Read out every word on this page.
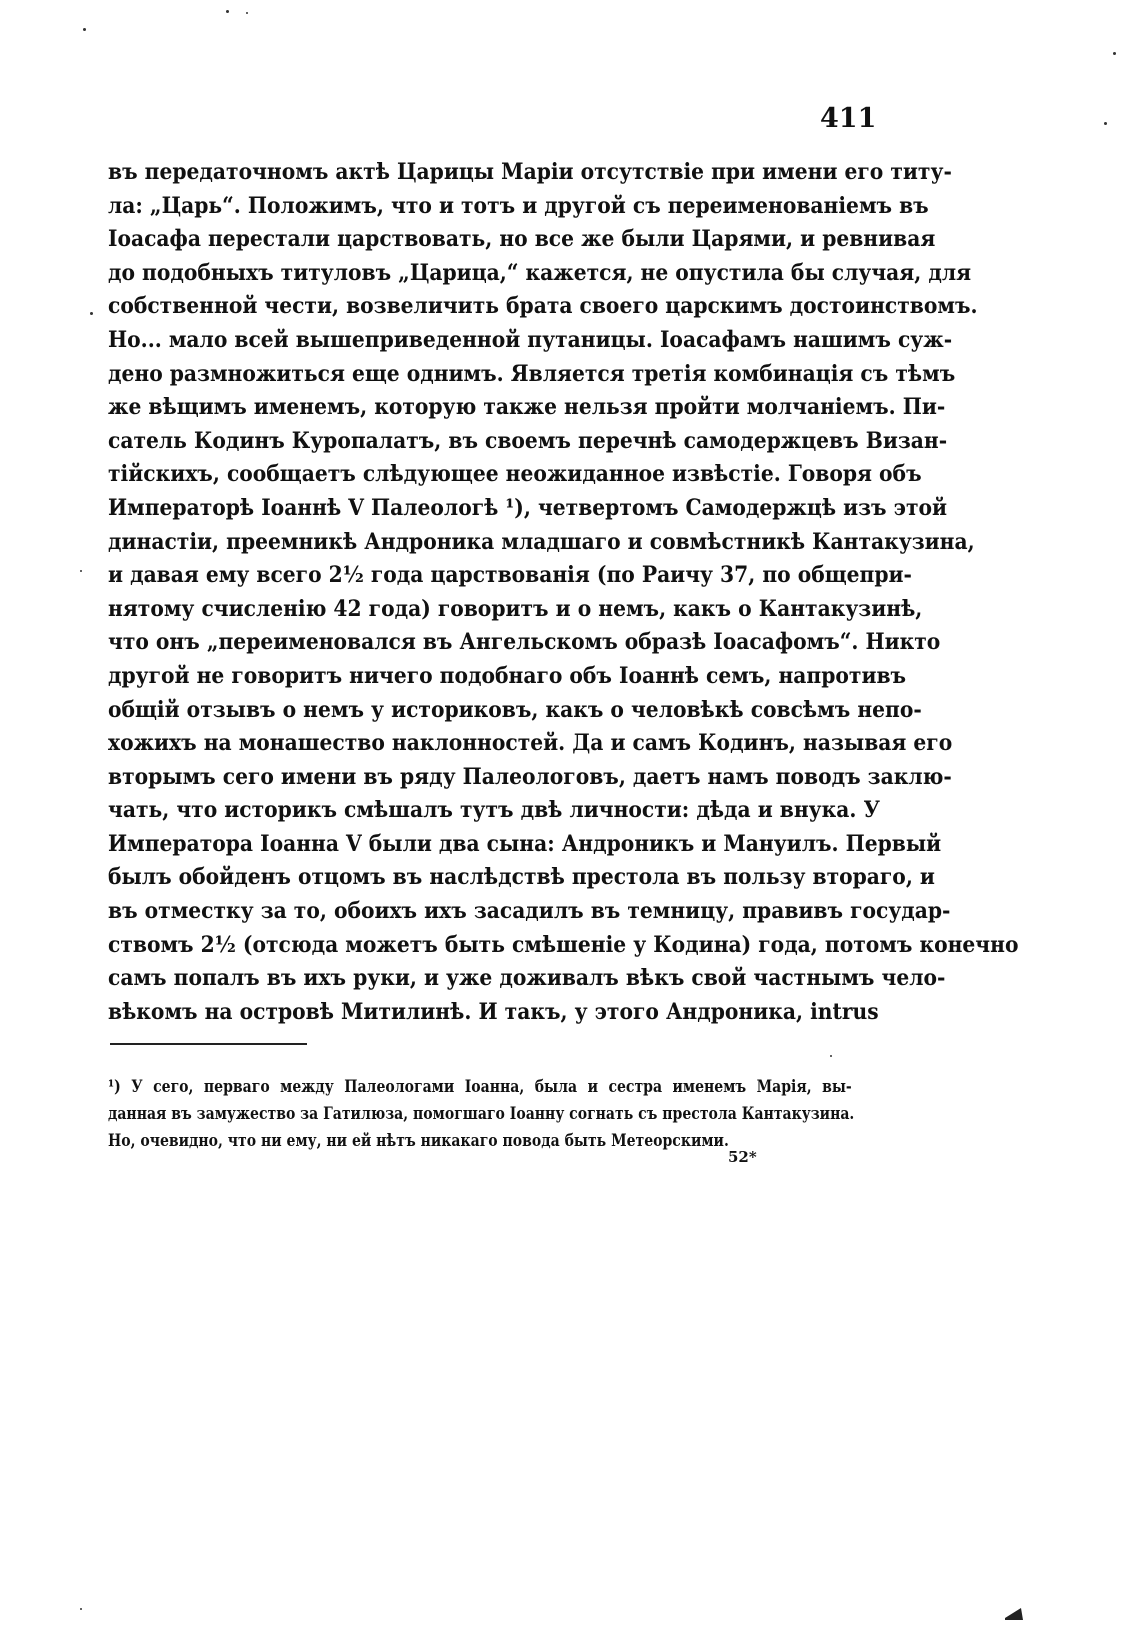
411
въ передаточномъ актѣ Царицы Маріи отсутствіе при имени его титу-
ла: „Царь“. Положимъ, что и тотъ и другой съ переименованіемъ въ
Іоасафа перестали царствовать, но все же были Царями, и ревнивая
до подобныхъ титуловъ „Царица,“ кажется, не опустила бы случая, для
собственной чести, возвеличить брата своего царскимъ достоинствомъ.
Но... мало всей вышеприведенной путаницы. Іоасафамъ нашимъ суж-
дено размножиться еще однимъ. Является третія комбинація съ тѣмъ
же вѣщимъ именемъ, которую также нельзя пройти молчаніемъ. Пи-
сатель Кодинъ Куропалатъ, въ своемъ перечнѣ самодержцевъ Визан-
тійскихъ, сообщаетъ слѣдующее неожиданное извѣстіе. Говоря объ
Императорѣ Іоаннѣ V Палеологѣ ¹), четвертомъ Самодержцѣ изъ этой
династіи, преемникѣ Андроника младшаго и совмѣстникѣ Кантакузина,
и давая ему всего 2½ года царствованія (по Раичу 37, по общепри-
нятому счисленію 42 года) говоритъ и о немъ, какъ о Кантакузинѣ,
что онъ „переименовался въ Ангельскомъ образѣ Іоасафомъ“. Никто
другой не говоритъ ничего подобнаго объ Іоаннѣ семъ, напротивъ
общій отзывъ о немъ у историковъ, какъ о человѣкѣ совсѣмъ непо-
хожихъ на монашество наклонностей. Да и самъ Кодинъ, называя его
вторымъ сего имени въ ряду Палеологовъ, даетъ намъ поводъ заклю-
чать, что историкъ смѣшалъ тутъ двѣ личности: дѣда и внука. У
Императора Іоанна V были два сына: Андроникъ и Мануилъ. Первый
былъ обойденъ отцомъ въ наслѣдствѣ престола въ пользу втораго, и
въ отместку за то, обоихъ ихъ засадилъ въ темницу, правивъ государ-
ствомъ 2½ (отсюда можетъ быть смѣшеніе у Кодина) года, потомъ конечно
самъ попалъ въ ихъ руки, и уже доживалъ вѣкъ свой частнымъ чело-
вѣкомъ на островѣ Митилинѣ. И такъ, у этого Андроника, intrus
¹) У сего, перваго между Палеологами Іоанна, была и сестра именемъ Марія, вы-
данная въ замужество за Гатилюза, помогшаго Іоанну согнать съ престола Кантакузина.
Но, очевидно, что ни ему, ни ей нѣтъ никакаго повода быть Метеорскими.
52*
